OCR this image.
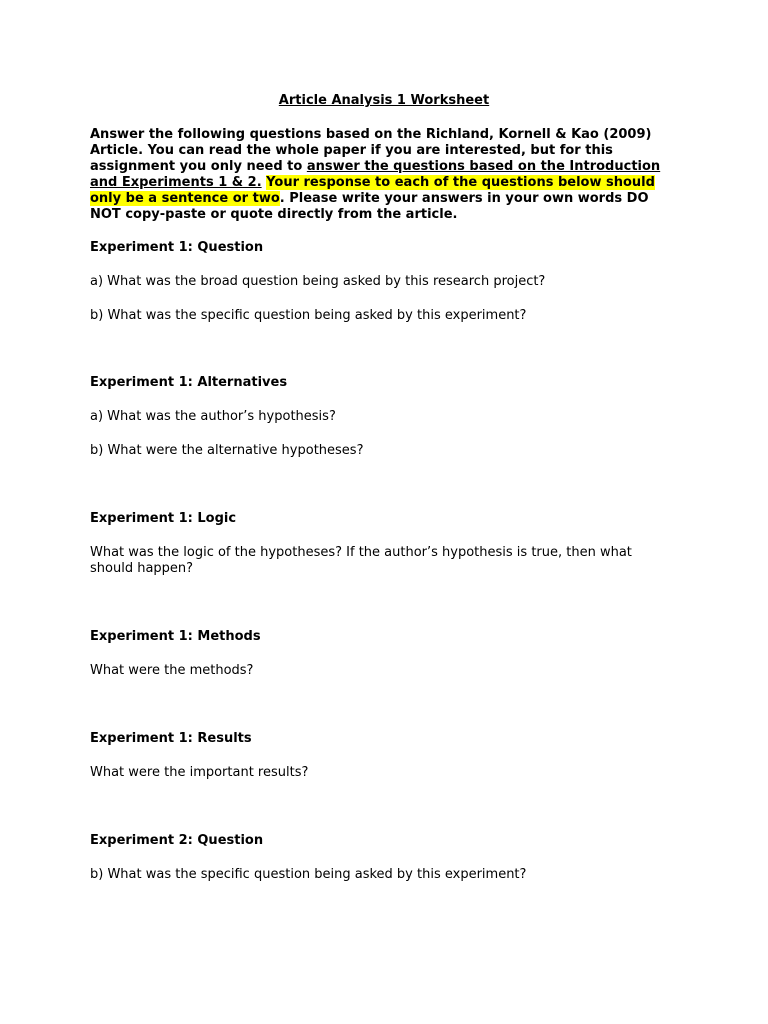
Article Analysis 1 Worksheet

Answer the following questions based on the Richland, Kornell & Kao (2009) Article. You can read the whole paper if you are interested, but for this assignment you only need to answer the questions based on the Introduction and Experiments 1 & 2. Your response to each of the questions below should only be a sentence or two. Please write your answers in your own words DO NOT copy-paste or quote directly from the article.

Experiment 1: Question

a) What was the broad question being asked by this research project?

b) What was the specific question being asked by this experiment?

Experiment 1: Alternatives

a) What was the author’s hypothesis?

b) What were the alternative hypotheses?

Experiment 1: Logic

What was the logic of the hypotheses? If the author’s hypothesis is true, then what should happen?

Experiment 1: Methods

What were the methods?

Experiment 1: Results

What were the important results?

Experiment 2: Question

b) What was the specific question being asked by this experiment?
